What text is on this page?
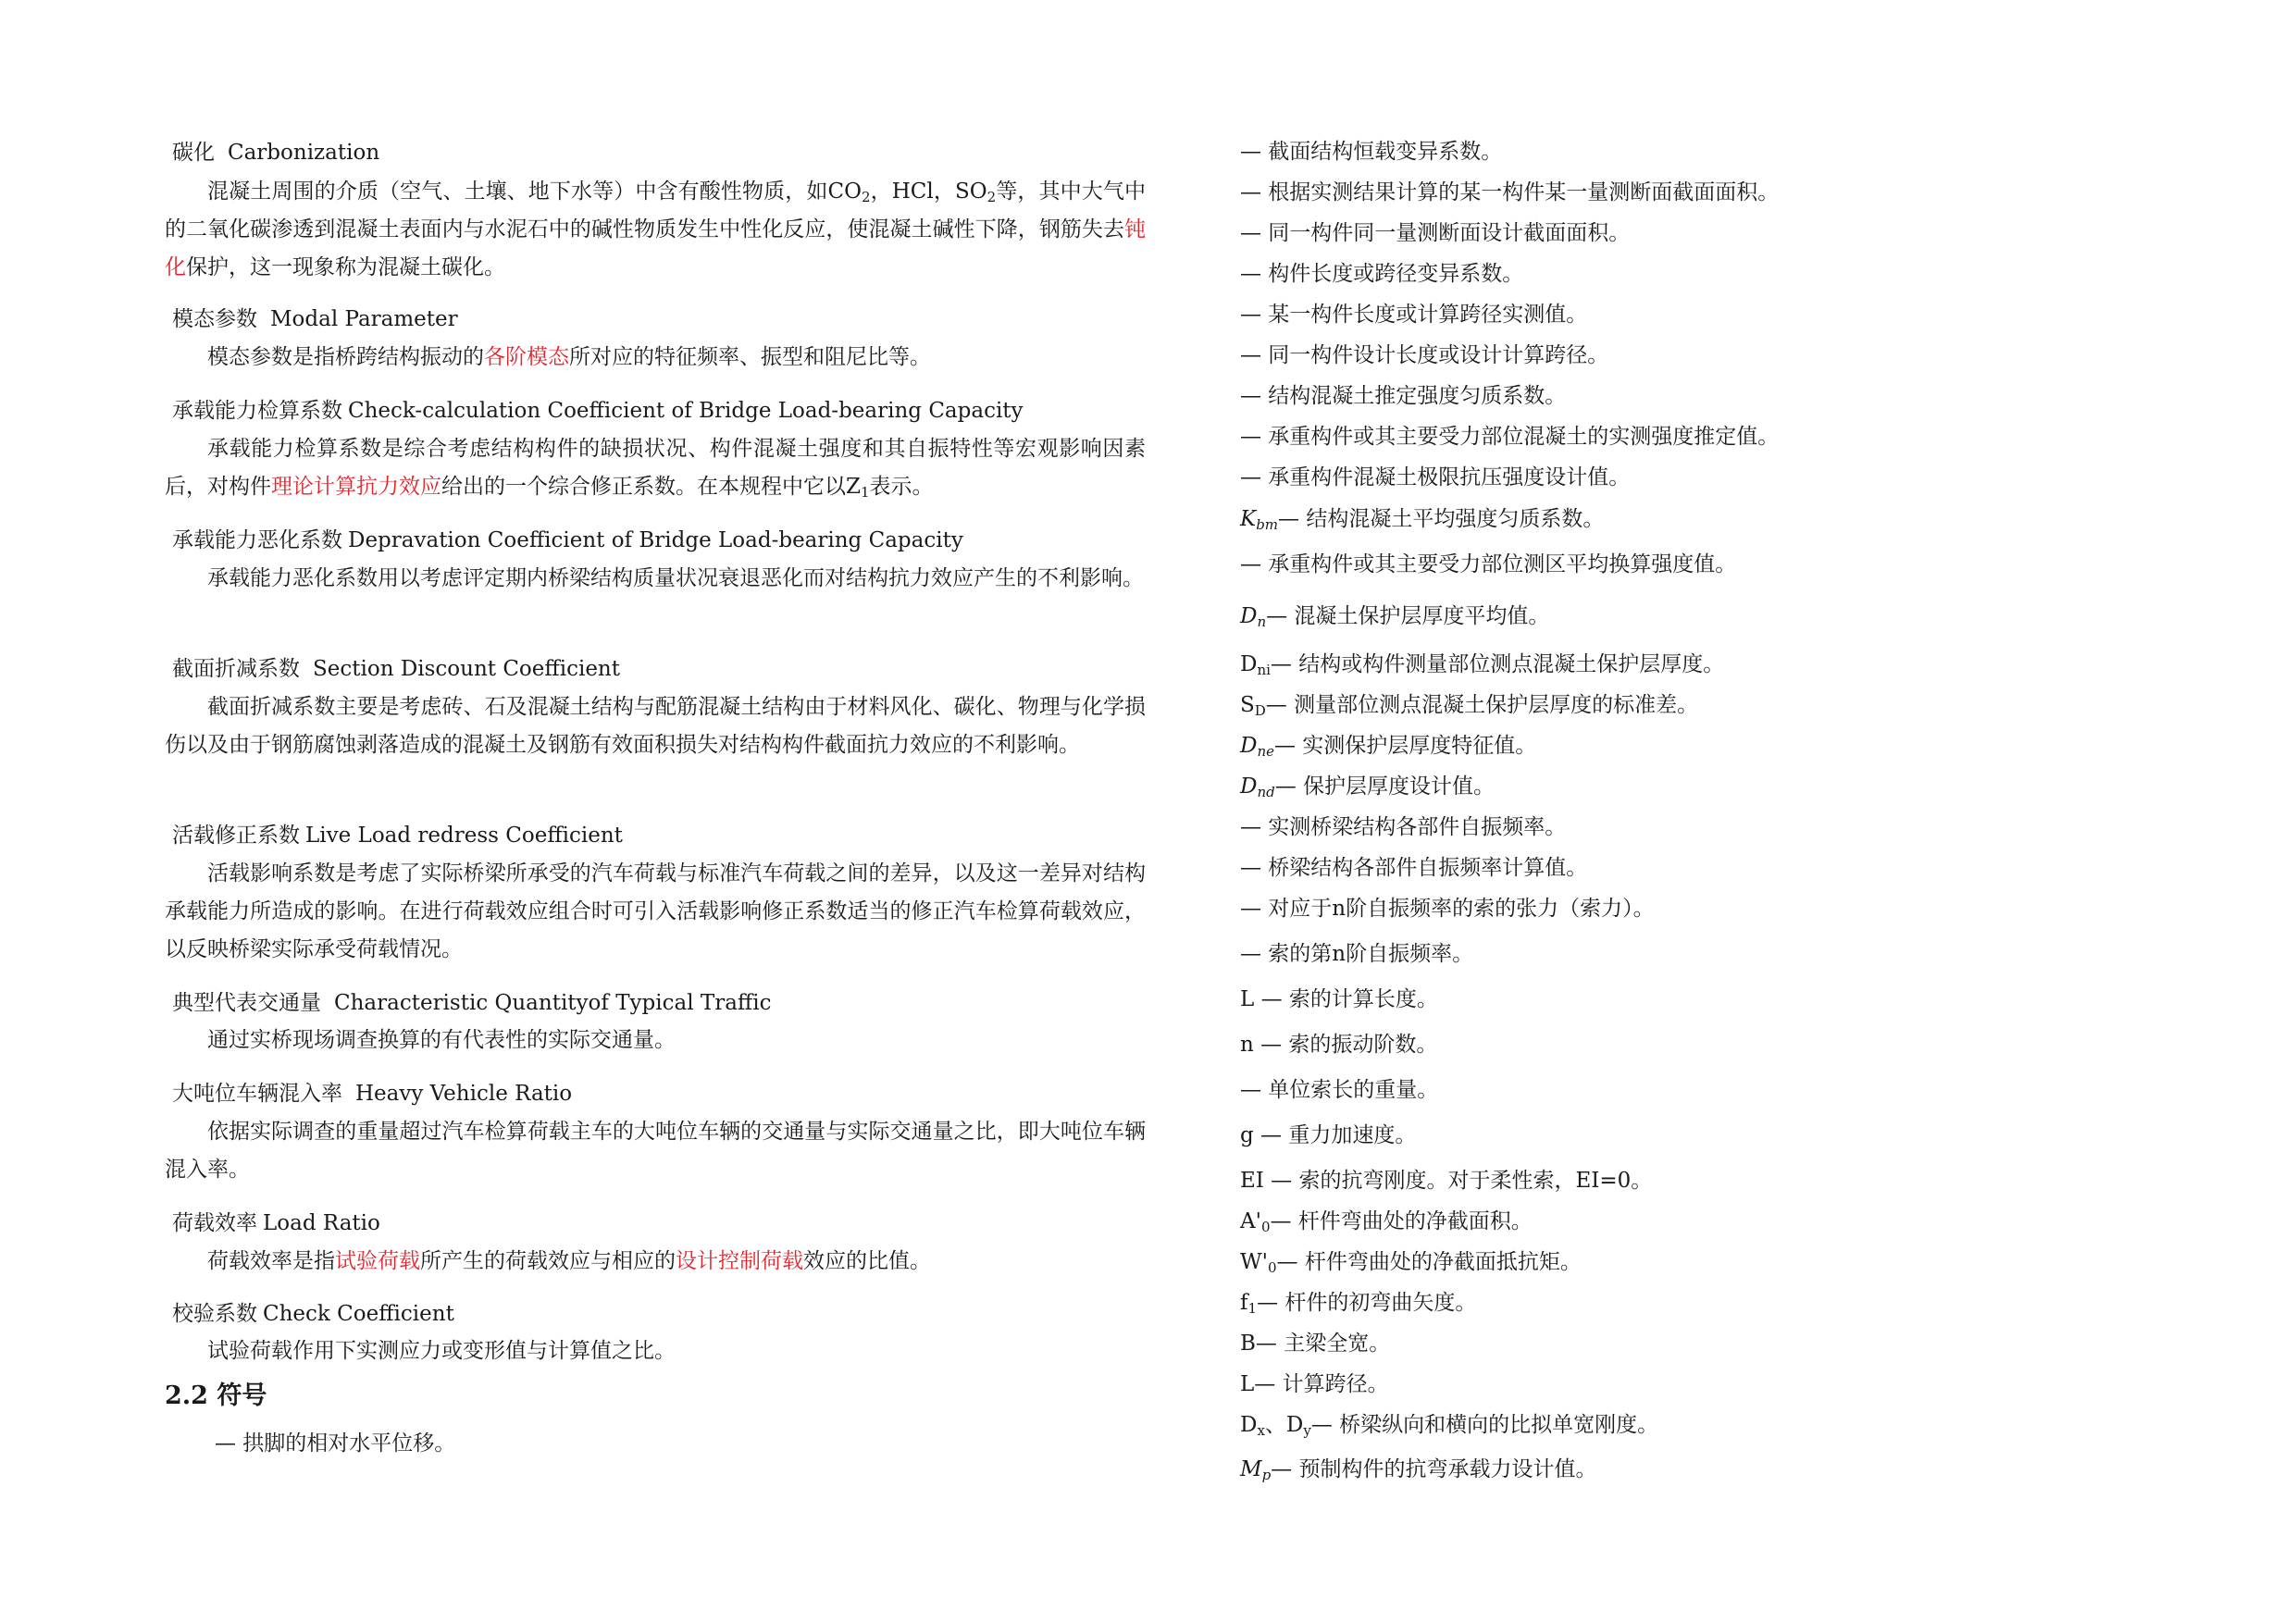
碳化 Carbonization
混凝土周围的介质（空气、土壤、地下水等）中含有酸性物质，如$CO_2$，HCl，$SO_2$等，其中大气中的二氧化碳渗透到混凝土表面内与水泥石中的碱性物质发生中性化反应，使混凝土碱性下降，钢筋失去钝化保护，这一现象称为混凝土碳化。
模态参数 Modal Parameter
模态参数是指桥跨结构振动的各阶模态所对应的特征频率、振型和阻尼比等。
承载能力检算系数 Check-calculation Coefficient of Bridge Load-bearing Capacity
承载能力检算系数是综合考虑结构构件的缺损状况、构件混凝土强度和其自振特性等宏观影响因素后，对构件理论计算抗力效应给出的一个综合修正系数。在本规程中它以$Z_1$表示。
承载能力恶化系数 Depravation Coefficient of Bridge Load-bearing Capacity
承载能力恶化系数用以考虑评定期内桥梁结构质量状况衰退恶化而对结构抗力效应产生的不利影响。
截面折减系数 Section Discount Coefficient
截面折减系数主要是考虑砖、石及混凝土结构与配筋混凝土结构由于材料风化、碳化、物理与化学损伤以及由于钢筋腐蚀剥落造成的混凝土及钢筋有效面积损失对结构构件截面抗力效应的不利影响。
活载修正系数 Live Load redress Coefficient
活载影响系数是考虑了实际桥梁所承受的汽车荷载与标准汽车荷载之间的差异，以及这一差异对结构承载能力所造成的影响。在进行荷载效应组合时可引入活载影响修正系数适当的修正汽车检算荷载效应，以反映桥梁实际承受荷载情况。
典型代表交通量 Characteristic Quantityof Typical Traffic
通过实桥现场调查换算的有代表性的实际交通量。
大吨位车辆混入率 Heavy Vehicle Ratio
依据实际调查的重量超过汽车检算荷载主车的大吨位车辆的交通量与实际交通量之比，即大吨位车辆混入率。
荷载效率 Load Ratio
荷载效率是指试验荷载所产生的荷载效应与相应的设计控制荷载效应的比值。
校验系数 Check Coefficient
试验荷载作用下实测应力或变形值与计算值之比。
2.2 符号
— 拱脚的相对水平位移。
— 截面结构恒载变异系数。
— 根据实测结果计算的某一构件某一量测断面截面面积。
— 同一构件同一量测断面设计截面面积。
— 构件长度或跨径变异系数。
— 某一构件长度或计算跨径实测值。
— 同一构件设计长度或设计计算跨径。
— 结构混凝土推定强度匀质系数。
— 承重构件或其主要受力部位混凝土的实测强度推定值。
— 承重构件混凝土极限抗压强度设计值。
$K_{bm}—$ 结构混凝土平均强度匀质系数。
— 承重构件或其主要受力部位测区平均换算强度值。
$D_n—$ 混凝土保护层厚度平均值。
$D_{ni}—$ 结构或构件测量部位测点混凝土保护层厚度。
$S_D—$ 测量部位测点混凝土保护层厚度的标准差。
$D_{ne}—$ 实测保护层厚度特征值。
$D_{nd}—$ 保护层厚度设计值。
— 实测桥梁结构各部件自振频率。
— 桥梁结构各部件自振频率计算值。
— 对应于n阶自振频率的索的张力（索力）。
— 索的第n阶自振频率。
L — 索的计算长度。
n — 索的振动阶数。
— 单位索长的重量。
g — 重力加速度。
EI — 索的抗弯刚度。对于柔性索，EI=0。
$A'_0—$ 杆件弯曲处的净截面积。
$W'_0—$ 杆件弯曲处的净截面抵抗矩。
$f_1—$ 杆件的初弯曲矢度。
B— 主梁全宽。
L— 计算跨径。
$D_x$、$D_y—$ 桥梁纵向和横向的比拟单宽刚度。
$M_p—$ 预制构件的抗弯承载力设计值。
